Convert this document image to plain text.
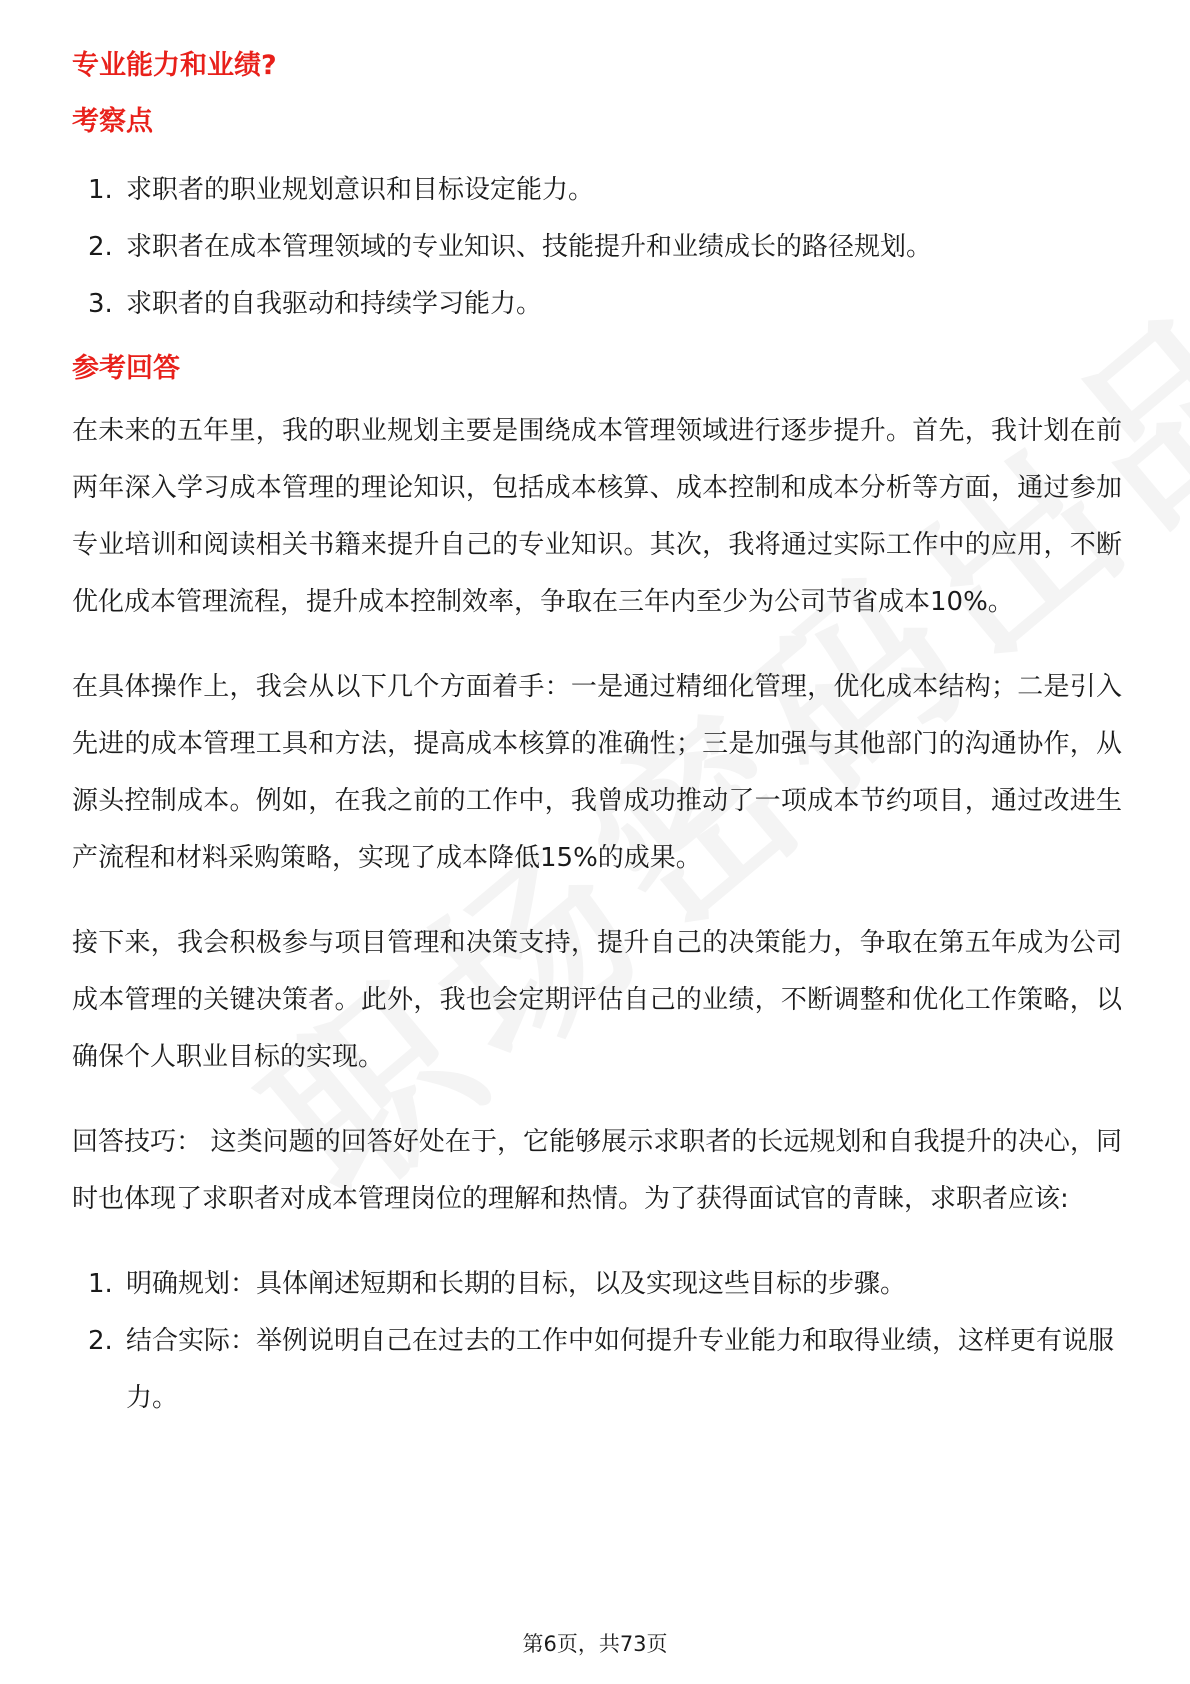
专业能力和业绩?
考察点
1. 求职者的职业规划意识和目标设定能力。
2. 求职者在成本管理领域的专业知识、技能提升和业绩成长的路径规划。
3. 求职者的自我驱动和持续学习能力。
参考回答

在未来的五年里，我的职业规划主要是围绕成本管理领域进行逐步提升。首先，我计划在前两年深入学习成本管理的理论知识，包括成本核算、成本控制和成本分析等方面，通过参加专业培训和阅读相关书籍来提升自己的专业知识。其次，我将通过实际工作中的应用，不断优化成本管理流程，提升成本控制效率，争取在三年内至少为公司节省成本10%。

在具体操作上，我会从以下几个方面着手：一是通过精细化管理，优化成本结构；二是引入先进的成本管理工具和方法，提高成本核算的准确性；三是加强与其他部门的沟通协作，从源头控制成本。例如，在我之前的工作中，我曾成功推动了一项成本节约项目，通过改进生产流程和材料采购策略，实现了成本降低15%的成果。

接下来，我会积极参与项目管理和决策支持，提升自己的决策能力，争取在第五年成为公司成本管理的关键决策者。此外，我也会定期评估自己的业绩，不断调整和优化工作策略，以确保个人职业目标的实现。

回答技巧： 这类问题的回答好处在于，它能够展示求职者的长远规划和自我提升的决心，同时也体现了求职者对成本管理岗位的理解和热情。为了获得面试官的青睐，求职者应该:

1. 明确规划：具体阐述短期和长期的目标，以及实现这些目标的步骤。
2. 结合实际：举例说明自己在过去的工作中如何提升专业能力和取得业绩，这样更有说服力。
第6页，共73页
